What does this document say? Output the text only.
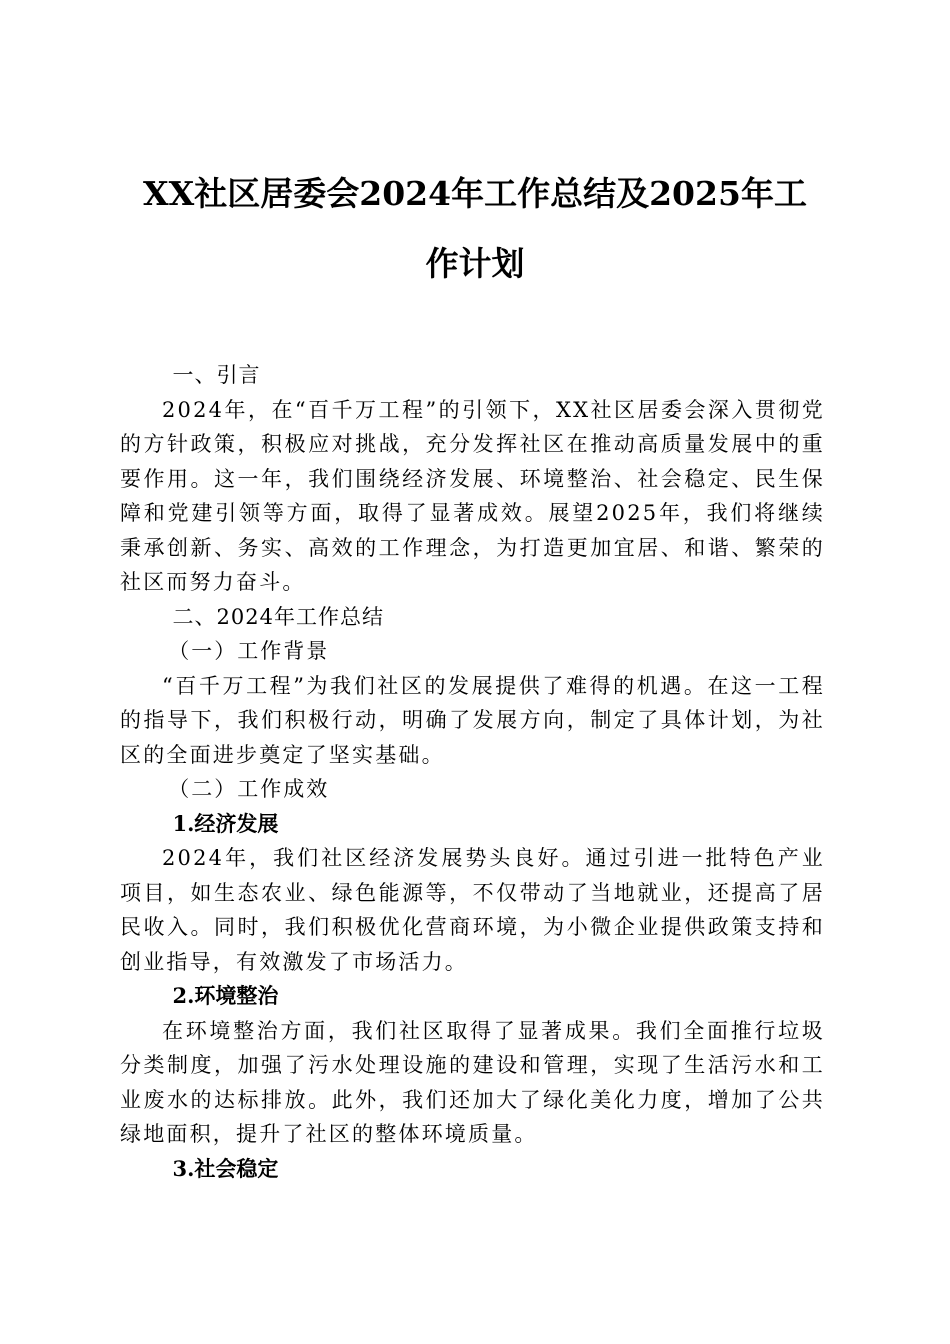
XX社区居委会2024年工作总结及2025年工
作计划

一、引言

2024年，在“百千万工程”的引领下，XX社区居委会深入贯彻党的方针政策，积极应对挑战，充分发挥社区在推动高质量发展中的重要作用。这一年，我们围绕经济发展、环境整治、社会稳定、民生保障和党建引领等方面，取得了显著成效。展望2025年，我们将继续秉承创新、务实、高效的工作理念，为打造更加宜居、和谐、繁荣的社区而努力奋斗。

二、2024年工作总结

（一）工作背景

“百千万工程”为我们社区的发展提供了难得的机遇。在这一工程的指导下，我们积极行动，明确了发展方向，制定了具体计划，为社区的全面进步奠定了坚实基础。

（二）工作成效

1.经济发展

2024年，我们社区经济发展势头良好。通过引进一批特色产业项目，如生态农业、绿色能源等，不仅带动了当地就业，还提高了居民收入。同时，我们积极优化营商环境，为小微企业提供政策支持和创业指导，有效激发了市场活力。

2.环境整治

在环境整治方面，我们社区取得了显著成果。我们全面推行垃圾分类制度，加强了污水处理设施的建设和管理，实现了生活污水和工业废水的达标排放。此外，我们还加大了绿化美化力度，增加了公共绿地面积，提升了社区的整体环境质量。

3.社会稳定
